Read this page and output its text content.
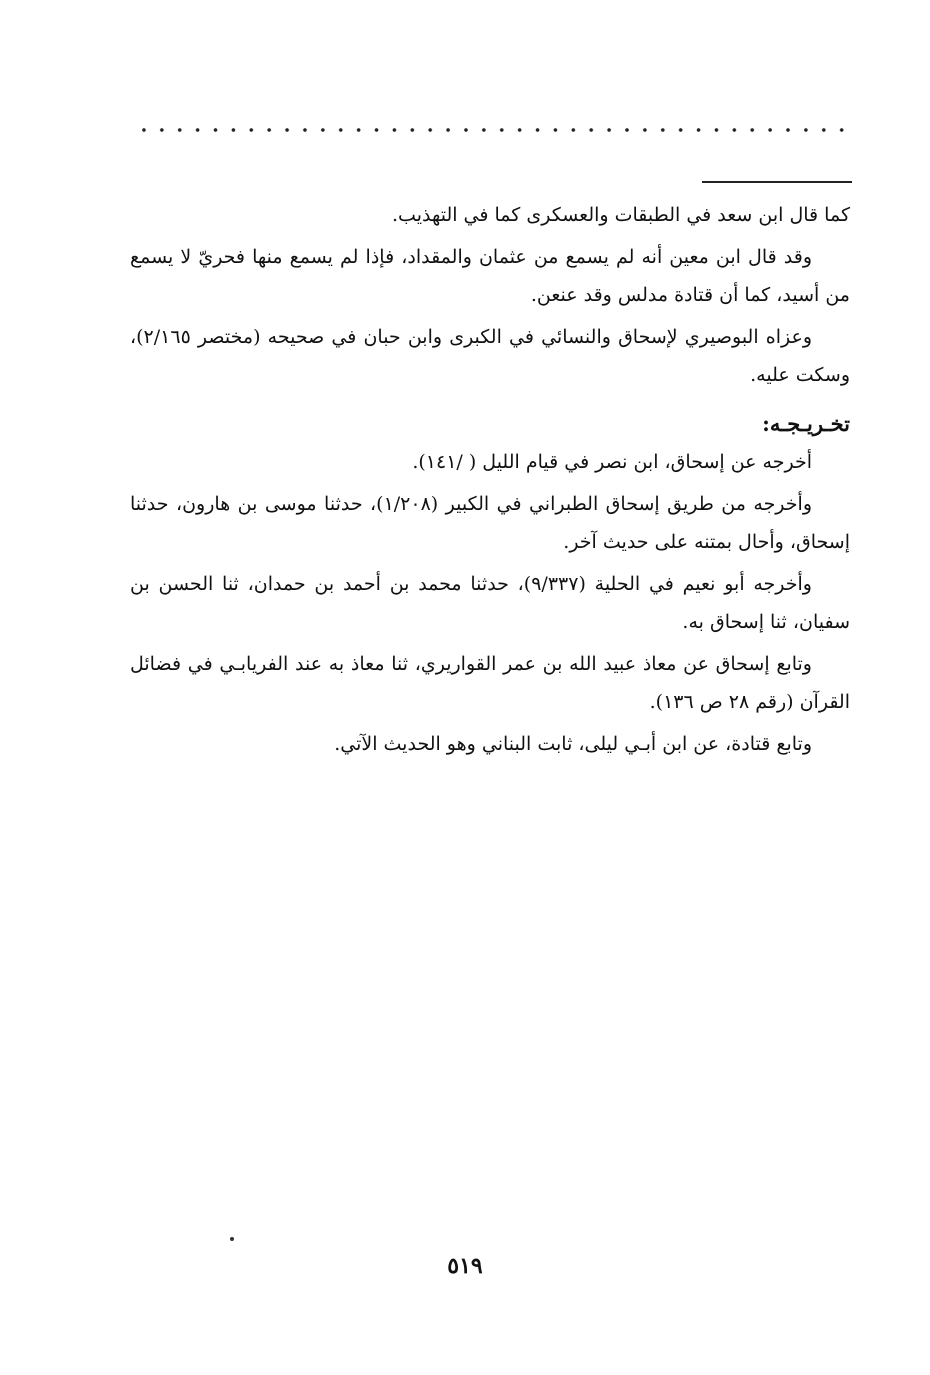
كما قال ابن سعد في الطبقات والعسكرى كما في التهذيب.

وقد قال ابن معين أنه لم يسمع من عثمان والمقداد، فإذا لم يسمع منها فحريّ لا يسمع من أسيد، كما أن قتادة مدلس وقد عنعن.

وعزاه البوصيري لإسحاق والنسائي في الكبرى وابن حبان في صحيحه (مختصر ٢/١٦٥)، وسكت عليه.

تخـريـجـه:

أخرجه عن إسحاق، ابن نصر في قيام الليل ( /١٤١).

وأخرجه من طريق إسحاق الطبراني في الكبير (١/٢٠٨)، حدثنا موسى بن هارون، حدثنا إسحاق، وأحال بمتنه على حديث آخر.

وأخرجه أبو نعيم في الحلية (٩/٣٣٧)، حدثنا محمد بن أحمد بن حمدان، ثنا الحسن بن سفيان، ثنا إسحاق به.

وتابع إسحاق عن معاذ عبيد الله بن عمر القواريري، ثنا معاذ به عند الفريابـي في فضائل القرآن (رقم ٢٨ ص ١٣٦).

وتابع قتادة، عن ابن أبـي ليلى، ثابت البناني وهو الحديث الآتي.

٥١٩
